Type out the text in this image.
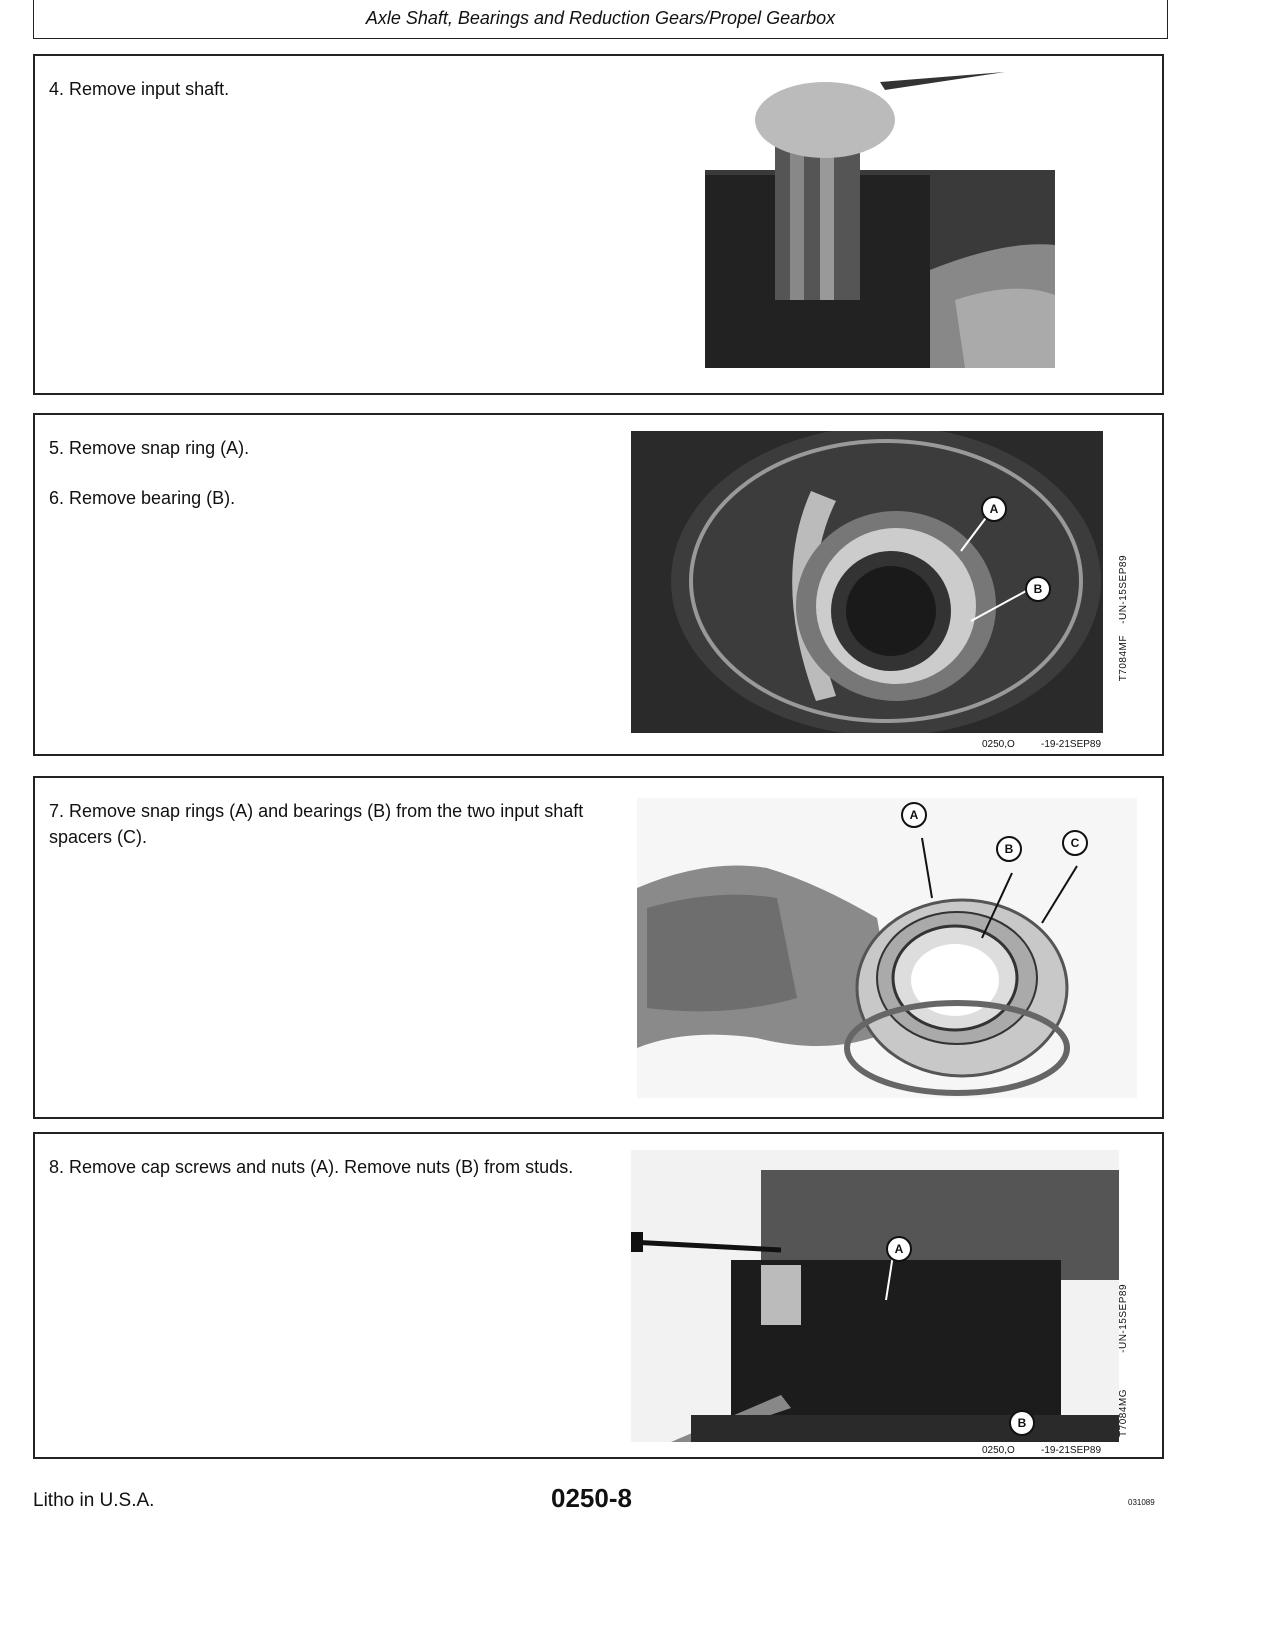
Axle Shaft, Bearings and Reduction Gears/Propel Gearbox

4. Remove input shaft.

5. Remove snap ring (A).

6. Remove bearing (B).

A
B
T7084MF
-UN-15SEP89
0250,O	-19-21SEP89

7. Remove snap rings (A) and bearings (B) from the two input shaft spacers (C).

A
B	C

8. Remove cap screws and nuts (A). Remove nuts (B) from studs.

A
B	T7084MG
-UN-15SEP89
0250,O	-19-21SEP89
Litho in U.S.A.	0250-8	031089
